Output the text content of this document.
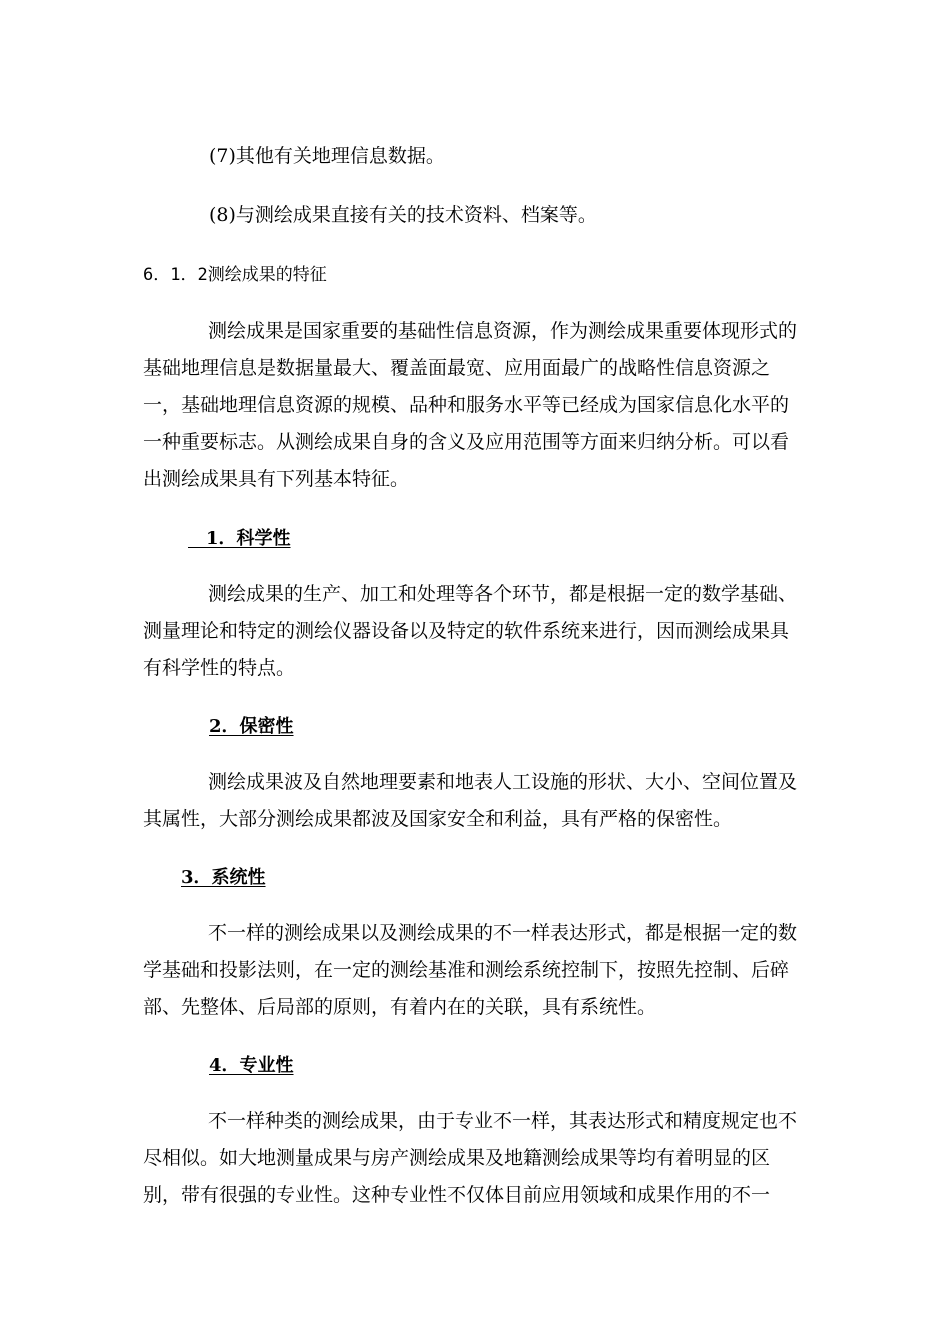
(7)其他有关地理信息数据。
(8)与测绘成果直接有关的技术资料、档案等。
6．1．2测绘成果的特征
测绘成果是国家重要的基础性信息资源，作为测绘成果重要体现形式的
基础地理信息是数据量最大、覆盖面最宽、应用面最广的战略性信息资源之
一，基础地理信息资源的规模、品种和服务水平等已经成为国家信息化水平的
一种重要标志。从测绘成果自身的含义及应用范围等方面来归纳分析。可以看
出测绘成果具有下列基本特征。
 1．科学性
测绘成果的生产、加工和处理等各个环节，都是根据一定的数学基础、
测量理论和特定的测绘仪器设备以及特定的软件系统来进行，因而测绘成果具
有科学性的特点。
2．保密性
测绘成果波及自然地理要素和地表人工设施的形状、大小、空间位置及
其属性，大部分测绘成果都波及国家安全和利益，具有严格的保密性。
3．系统性
不一样的测绘成果以及测绘成果的不一样表达形式，都是根据一定的数
学基础和投影法则，在一定的测绘基准和测绘系统控制下，按照先控制、后碎
部、先整体、后局部的原则，有着内在的关联，具有系统性。
4．专业性
不一样种类的测绘成果，由于专业不一样，其表达形式和精度规定也不
尽相似。如大地测量成果与房产测绘成果及地籍测绘成果等均有着明显的区
别，带有很强的专业性。这种专业性不仅体目前应用领域和成果作用的不一
